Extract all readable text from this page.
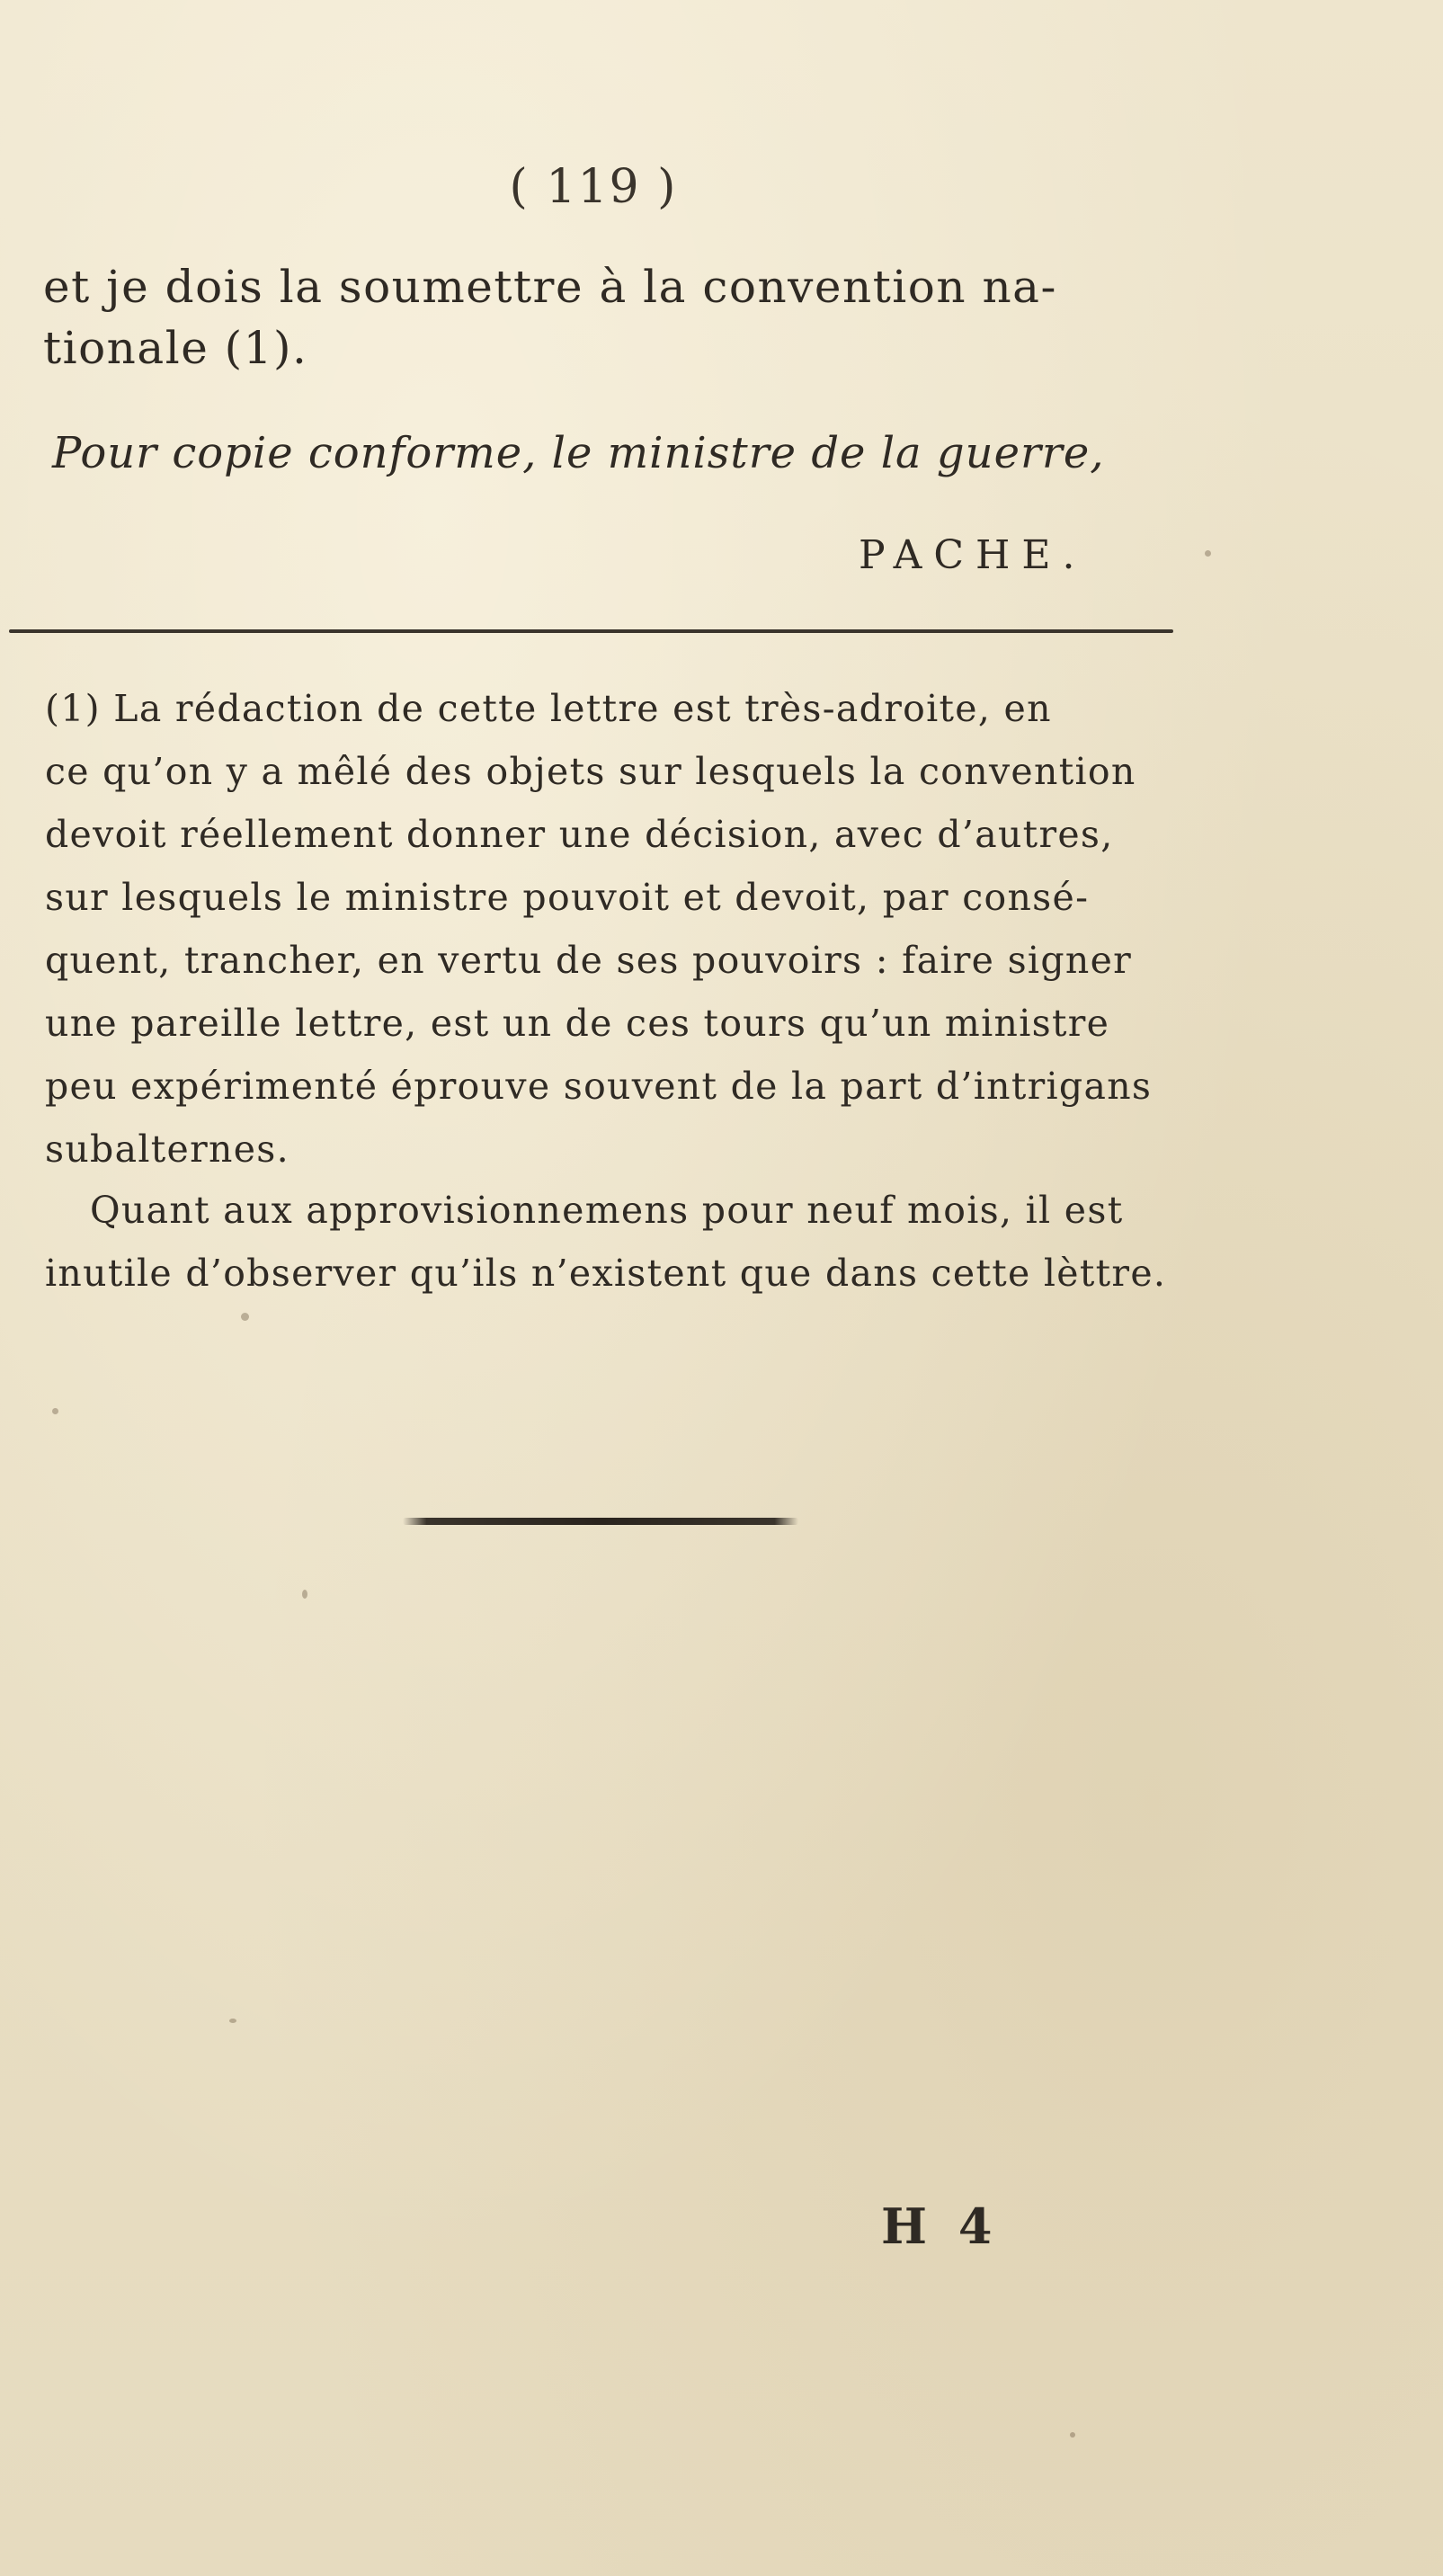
( 119 )
et je dois la soumettre à la convention na-
tionale (1).
Pour copie conforme, le ministre de la guerre,
PACHE.
(1) La rédaction de cette lettre est très-adroite, en
ce qu’on y a mêlé des objets sur lesquels la convention
devoit réellement donner une décision, avec d’autres,
sur lesquels le ministre pouvoit et devoit, par consé-
quent, trancher, en vertu de ses pouvoirs : faire signer
une pareille lettre, est un de ces tours qu’un ministre
peu expérimenté éprouve souvent de la part d’intrigans
subalternes.
Quant aux approvisionnemens pour neuf mois, il est
inutile d’observer qu’ils n’existent que dans cette lèttre.
H 4
